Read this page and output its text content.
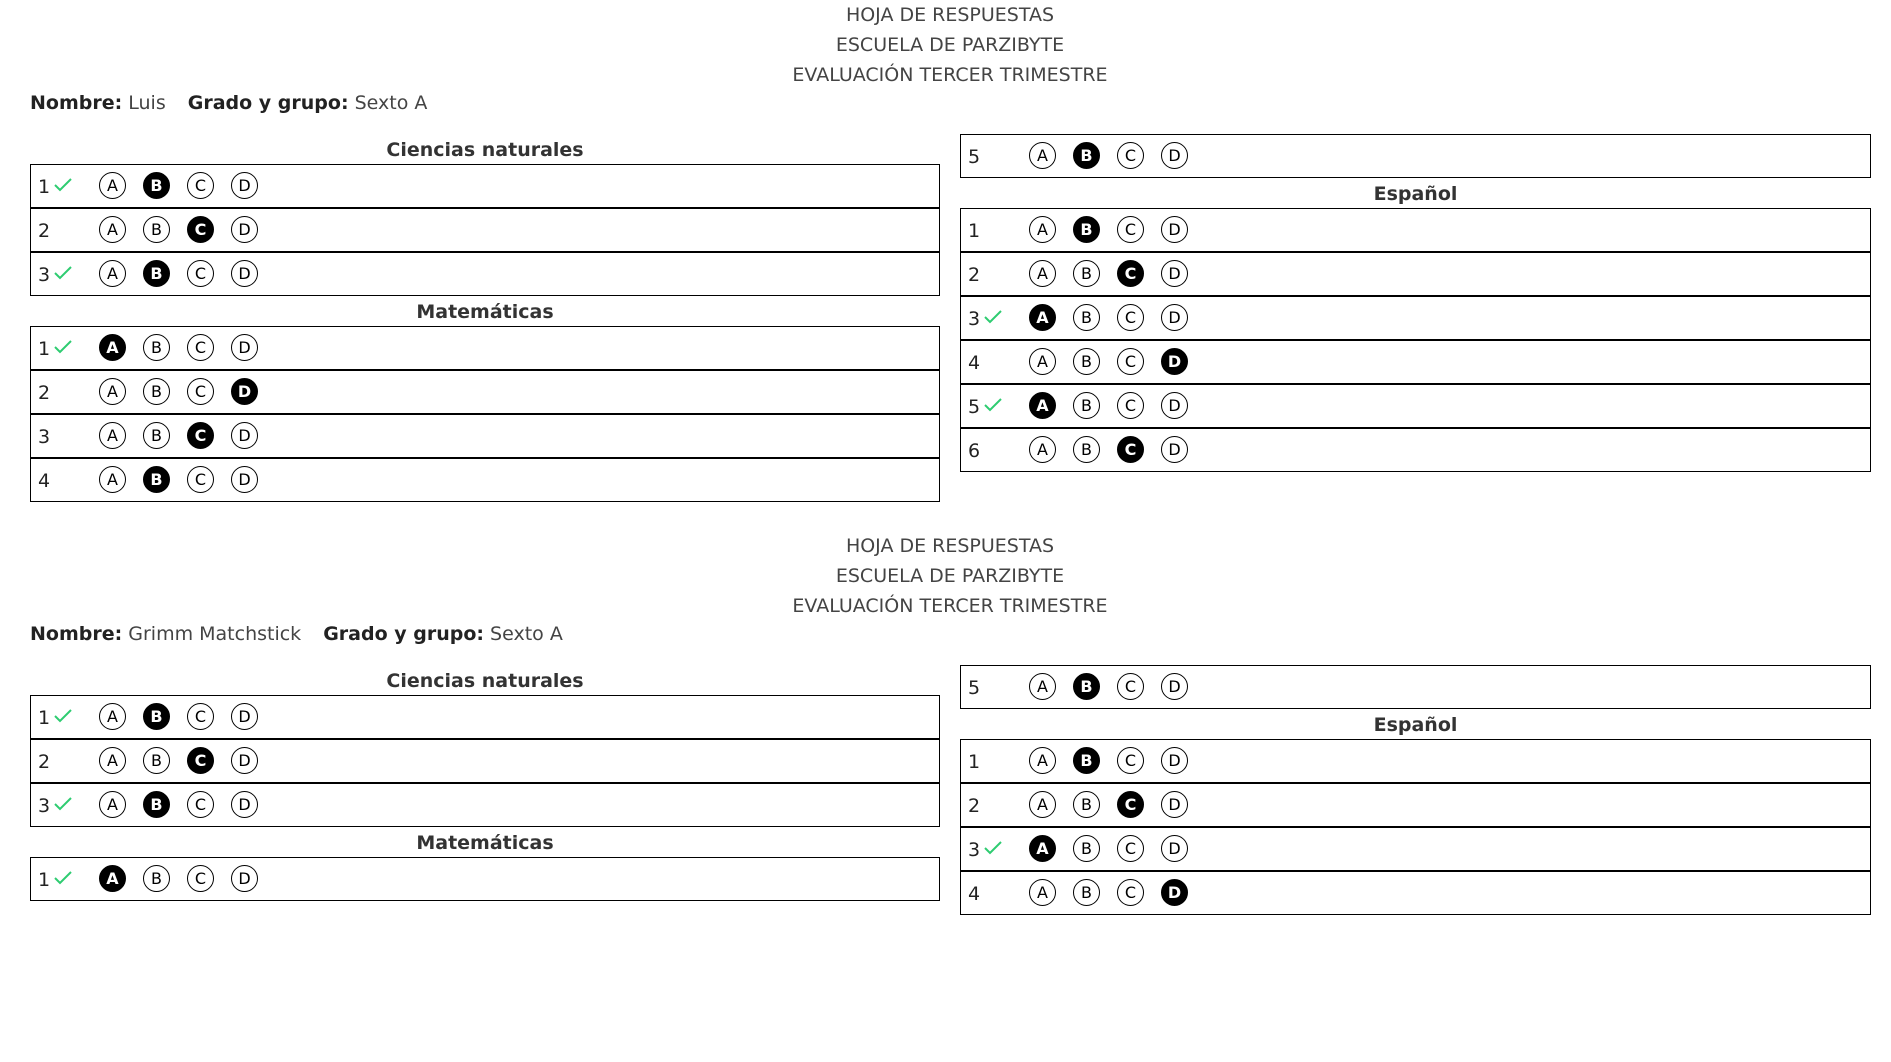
HOJA DE RESPUESTAS
ESCUELA DE PARZIBYTE
EVALUACIÓN TERCER TRIMESTRE
Nombre: Luis Grado y grupo: Sexto A
Ciencias naturales
1	A	B	C	D
2	A	B	C	D
3	A	B	C	D
Matemáticas
1	A	B	C	D
2	A	B	C	D
3	A	B	C	D
4	A	B	C	D
5	A	B	C	D
Español
1	A	B	C	D
2	A	B	C	D
3	A	B	C	D
4	A	B	C	D
5	A	B	C	D
6	A	B	C	D
HOJA DE RESPUESTAS
ESCUELA DE PARZIBYTE
EVALUACIÓN TERCER TRIMESTRE
Nombre: Grimm Matchstick Grado y grupo: Sexto A
Ciencias naturales
1	A	B	C	D
2	A	B	C	D
3	A	B	C	D
Matemáticas
1	A	B	C	D
5	A	B	C	D
Español
1	A	B	C	D
2	A	B	C	D
3	A	B	C	D
4	A	B	C	D
